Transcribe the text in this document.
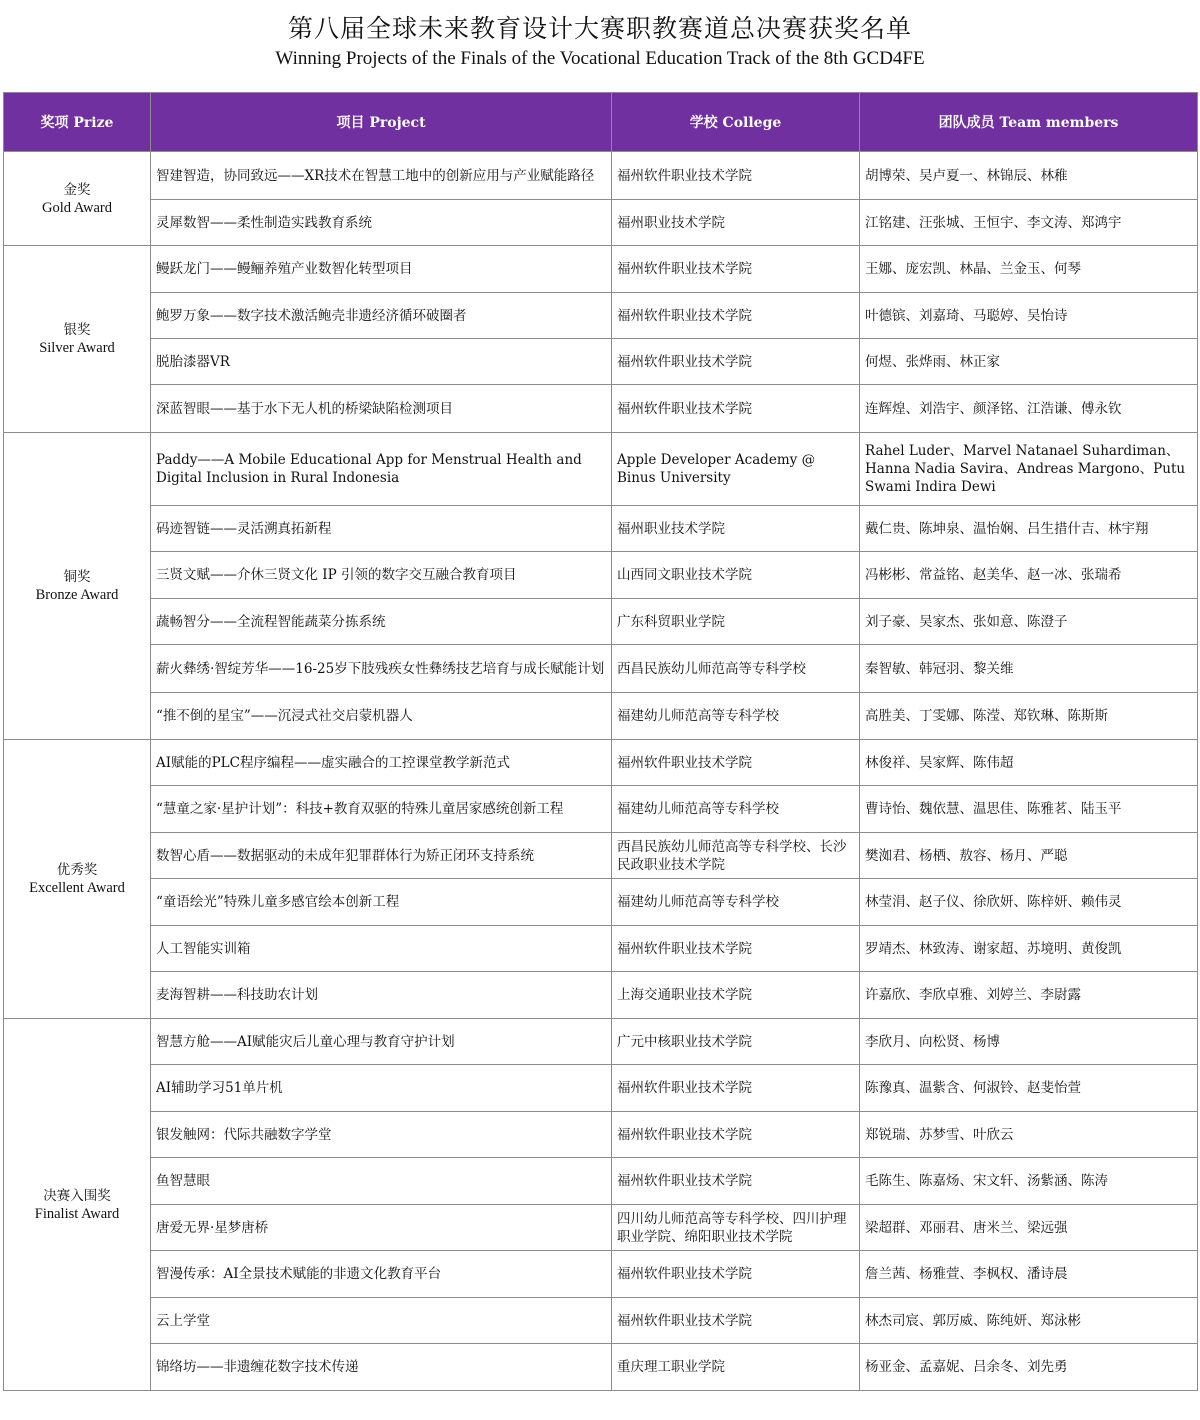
第八届全球未来教育设计大赛职教赛道总决赛获奖名单
Winning Projects of the Finals of the Vocational Education Track of the 8th GCD4FE
奖项 Prize	项目 Project	学校 College	团队成员 Team members

金奖
Gold Award	智建智造，协同致远——XR技术在智慧工地中的创新应用与产业赋能路径	福州软件职业技术学院	胡博荣、吴卢夏一、林锦辰、林稚
	灵犀数智——柔性制造实践教育系统	福州职业技术学院	江铭建、汪张城、王恒宇、李文涛、郑鸿宇

银奖
Silver Award	鳗跃龙门——鳗鲡养殖产业数智化转型项目	福州软件职业技术学院	王娜、庞宏凯、林晶、兰金玉、何琴
	鲍罗万象——数字技术激活鲍壳非遗经济循环破圈者	福州软件职业技术学院	叶德镔、刘嘉琦、马聪婷、吴怡诗
	脱胎漆器VR	福州软件职业技术学院	何煜、张烨雨、林正家
	深蓝智眼——基于水下无人机的桥梁缺陷检测项目	福州软件职业技术学院	连辉煌、刘浩宇、颜泽铭、江浩谦、傅永钦

铜奖
Bronze Award	Paddy——A Mobile Educational App for Menstrual Health and Digital Inclusion in Rural Indonesia	Apple Developer Academy @ Binus University	Rahel Luder、Marvel Natanael Suhardiman、Hanna Nadia Savira、Andreas Margono、Putu Swami Indira Dewi
	码迹智链——灵活溯真拓新程	福州职业技术学院	戴仁贵、陈坤泉、温怡娴、吕生措什吉、林宇翔
	三贤文赋——介休三贤文化 IP 引领的数字交互融合教育项目	山西同文职业技术学院	冯彬彬、常益铭、赵美华、赵一冰、张瑞希
	蔬畅智分——全流程智能蔬菜分拣系统	广东科贸职业学院	刘子豪、吴家杰、张如意、陈澄子
	薪火彝绣·智绽芳华——16-25岁下肢残疾女性彝绣技艺培育与成长赋能计划	西昌民族幼儿师范高等专科学校	秦智敏、韩冠羽、黎关维
	“推不倒的星宝”——沉浸式社交启蒙机器人	福建幼儿师范高等专科学校	高胜美、丁雯娜、陈滢、郑钦琳、陈斯斯

优秀奖
Excellent Award	AI赋能的PLC程序编程——虚实融合的工控课堂教学新范式	福州软件职业技术学院	林俊祥、吴家辉、陈伟超
	“慧童之家·星护计划”：科技+教育双驱的特殊儿童居家感统创新工程	福建幼儿师范高等专科学校	曹诗怡、魏依慧、温思佳、陈雅茗、陆玉平
	数智心盾——数据驱动的未成年犯罪群体行为矫正闭环支持系统	西昌民族幼儿师范高等专科学校、长沙民政职业技术学院	樊洳君、杨栖、敖容、杨月、严聪
	“童语绘光”特殊儿童多感官绘本创新工程	福建幼儿师范高等专科学校	林莹涓、赵子仪、徐欣妍、陈梓妍、赖伟灵
	人工智能实训箱	福州软件职业技术学院	罗靖杰、林致涛、谢家超、苏境明、黄俊凯
	麦海智耕——科技助农计划	上海交通职业技术学院	许嘉欣、李欣卓雅、刘婷兰、李尉露

决赛入围奖
Finalist Award	智慧方舱——AI赋能灾后儿童心理与教育守护计划	广元中核职业技术学院	李欣月、向松贤、杨博
	AI辅助学习51单片机	福州软件职业技术学院	陈豫真、温紫含、何淑铃、赵斐怡萱
	银发触网：代际共融数字学堂	福州软件职业技术学院	郑锐瑞、苏梦雪、叶欣云
	鱼智慧眼	福州软件职业技术学院	毛陈生、陈嘉炀、宋文轩、汤紫涵、陈涛
	唐爱无界·星梦唐桥	四川幼儿师范高等专科学校、四川护理职业学院、绵阳职业技术学院	梁超群、邓丽君、唐米兰、梁远强
	智漫传承：AI全景技术赋能的非遗文化教育平台	福州软件职业技术学院	詹兰茜、杨雅萱、李枫权、潘诗晨
	云上学堂	福州软件职业技术学院	林杰司宸、郭厉威、陈纯妍、郑泳彬
	锦络坊——非遗缠花数字技术传递	重庆理工职业学院	杨亚金、孟嘉妮、吕余冬、刘先勇
